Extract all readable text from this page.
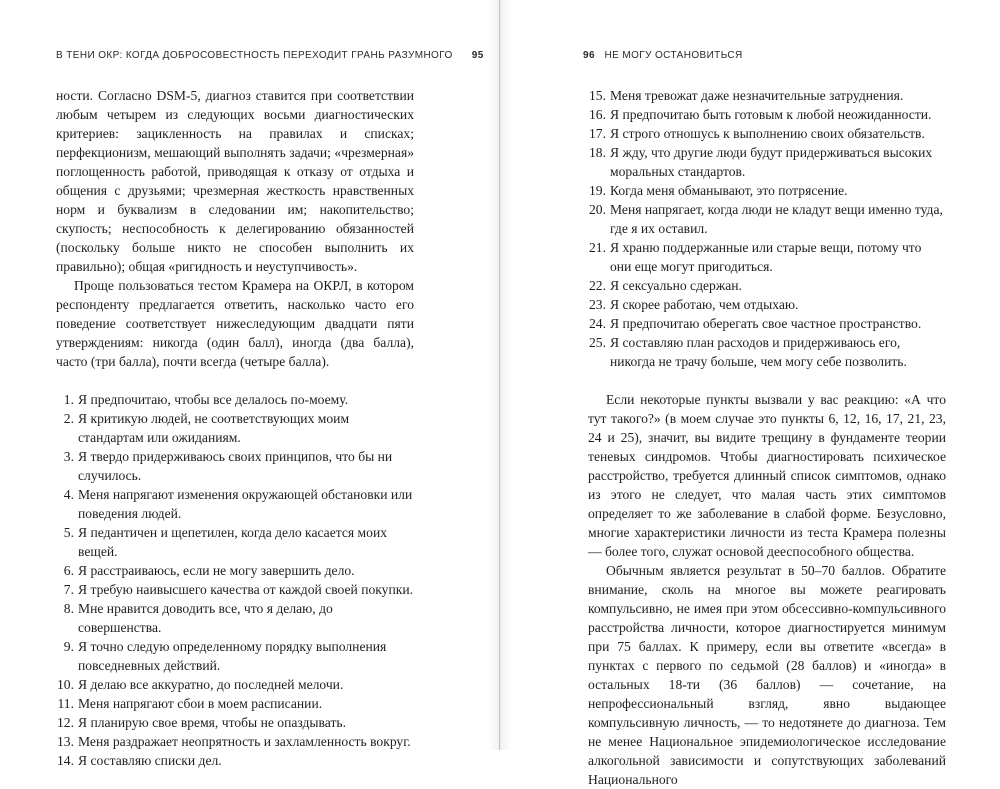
В ТЕНИ ОКР: КОГДА ДОБРОСОВЕСТНОСТЬ ПЕРЕХОДИТ ГРАНЬ РАЗУМНОГО 95

ности. Согласно DSM-5, диагноз ставится при соответствии любым четырем из следующих восьми диагностических критериев: зацикленность на правилах и списках; перфекционизм, мешающий выполнять задачи; «чрезмерная» поглощенность работой, приводящая к отказу от отдыха и общения с друзьями; чрезмерная жесткость нравственных норм и буквализм в следовании им; накопительство; скупость; неспособность к делегированию обязанностей (поскольку больше никто не способен выполнить их правильно); общая «ригидность и неуступчивость».

Проще пользоваться тестом Крамера на ОКРЛ, в котором респонденту предлагается ответить, насколько часто его поведение соответствует нижеследующим двадцати пяти утверждениям: никогда (один балл), иногда (два балла), часто (три балла), почти всегда (четыре балла).

1. Я предпочитаю, чтобы все делалось по-моему.
2. Я критикую людей, не соответствующих моим стандартам или ожиданиям.
3. Я твердо придерживаюсь своих принципов, что бы ни случилось.
4. Меня напрягают изменения окружающей обстановки или поведения людей.
5. Я педантичен и щепетилен, когда дело касается моих вещей.
6. Я расстраиваюсь, если не могу завершить дело.
7. Я требую наивысшего качества от каждой своей покупки.
8. Мне нравится доводить все, что я делаю, до совершенства.
9. Я точно следую определенному порядку выполнения повседневных действий.
10. Я делаю все аккуратно, до последней мелочи.
11. Меня напрягают сбои в моем расписании.
12. Я планирую свое время, чтобы не опаздывать.
13. Меня раздражает неопрятность и захламленность вокруг.
14. Я составляю списки дел.
96 НЕ МОГУ ОСТАНОВИТЬСЯ
15. Меня тревожат даже незначительные затруднения.
16. Я предпочитаю быть готовым к любой неожиданности.
17. Я строго отношусь к выполнению своих обязательств.
18. Я жду, что другие люди будут придерживаться высоких моральных стандартов.
19. Когда меня обманывают, это потрясение.
20. Меня напрягает, когда люди не кладут вещи именно туда, где я их оставил.
21. Я храню поддержанные или старые вещи, потому что они еще могут пригодиться.
22. Я сексуально сдержан.
23. Я скорее работаю, чем отдыхаю.
24. Я предпочитаю оберегать свое частное пространство.
25. Я составляю план расходов и придерживаюсь его, никогда не трачу больше, чем могу себе позволить.

Если некоторые пункты вызвали у вас реакцию: «А что тут такого?» (в моем случае это пункты 6, 12, 16, 17, 21, 23, 24 и 25), значит, вы видите трещину в фундаменте теории теневых синдромов. Чтобы диагностировать психическое расстройство, требуется длинный список симптомов, однако из этого не следует, что малая часть этих симптомов определяет то же заболевание в слабой форме. Безусловно, многие характеристики личности из теста Крамера полезны — более того, служат основой дееспособного общества.

Обычным является результат в 50–70 баллов. Обратите внимание, сколь на многое вы можете реагировать компульсивно, не имея при этом обсессивно-компульсивного расстройства личности, которое диагностируется минимум при 75 баллах. К примеру, если вы ответите «всегда» в пунктах с первого по седьмой (28 баллов) и «иногда» в остальных 18-ти (36 баллов) — сочетание, на непрофессиональный взгляд, явно выдающее компульсивную личность, — то недотянете до диагноза. Тем не менее Национальное эпидемиологическое исследование алкогольной зависимости и сопутствующих заболеваний Национального
